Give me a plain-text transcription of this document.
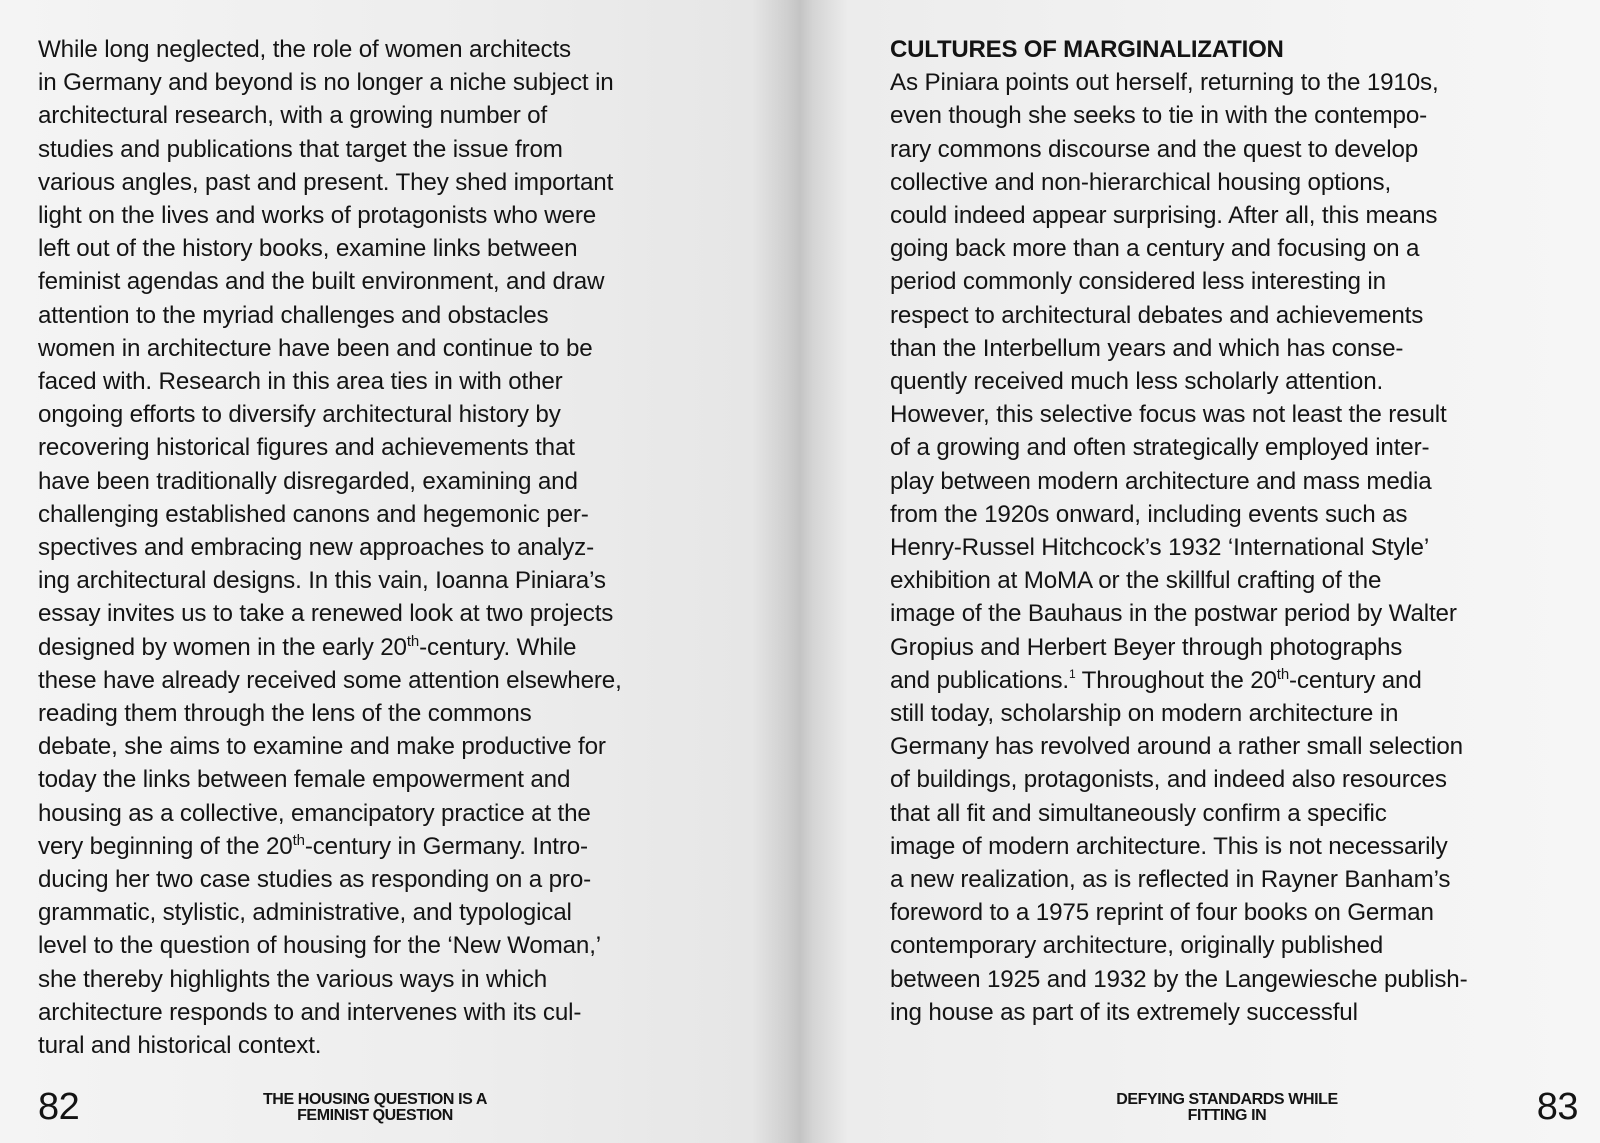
While long neglected, the role of women architects
in Germany and beyond is no longer a niche subject in
architectural research, with a growing number of
studies and publications that target the issue from
various angles, past and present. They shed important
light on the lives and works of protagonists who were
left out of the history books, examine links between
feminist agendas and the built environment, and draw
attention to the myriad challenges and obstacles
women in architecture have been and continue to be
faced with. Research in this area ties in with other
ongoing efforts to diversify architectural history by
recovering historical figures and achievements that
have been traditionally disregarded, examining and
challenging established canons and hegemonic per-
spectives and embracing new approaches to analyz-
ing architectural designs. In this vain, Ioanna Piniara’s
essay invites us to take a renewed look at two projects
designed by women in the early 20th-century. While
these have already received some attention elsewhere,
reading them through the lens of the commons
debate, she aims to examine and make productive for
today the links between female empowerment and
housing as a collective, emancipatory practice at the
very beginning of the 20th-century in Germany. Intro-
ducing her two case studies as responding on a pro-
grammatic, stylistic, administrative, and typological
level to the question of housing for the ‘New Woman,’
she thereby highlights the various ways in which
architecture responds to and intervenes with its cul-
tural and historical context.
82	THE HOUSING QUESTION IS A
FEMINIST QUESTION
CULTURES OF MARGINALIZATION
As Piniara points out herself, returning to the 1910s,
even though she seeks to tie in with the contempo-
rary commons discourse and the quest to develop
collective and non-hierarchical housing options,
could indeed appear surprising. After all, this means
going back more than a century and focusing on a
period commonly considered less interesting in
respect to architectural debates and achievements
than the Interbellum years and which has conse-
quently received much less scholarly attention.
However, this selective focus was not least the result
of a growing and often strategically employed inter-
play between modern architecture and mass media
from the 1920s onward, including events such as
Henry-Russel Hitchcock’s 1932 ‘International Style’
exhibition at MoMA or the skillful crafting of the
image of the Bauhaus in the postwar period by Walter
Gropius and Herbert Beyer through photographs
and publications.$^1$ Throughout the 20th-century and
still today, scholarship on modern architecture in
Germany has revolved around a rather small selection
of buildings, protagonists, and indeed also resources
that all fit and simultaneously confirm a specific
image of modern architecture. This is not necessarily
a new realization, as is reflected in Rayner Banham’s
foreword to a 1975 reprint of four books on German
contemporary architecture, originally published
between 1925 and 1932 by the Langewiesche publish-
ing house as part of its extremely successful
DEFYING STANDARDS WHILE
FITTING IN	83
